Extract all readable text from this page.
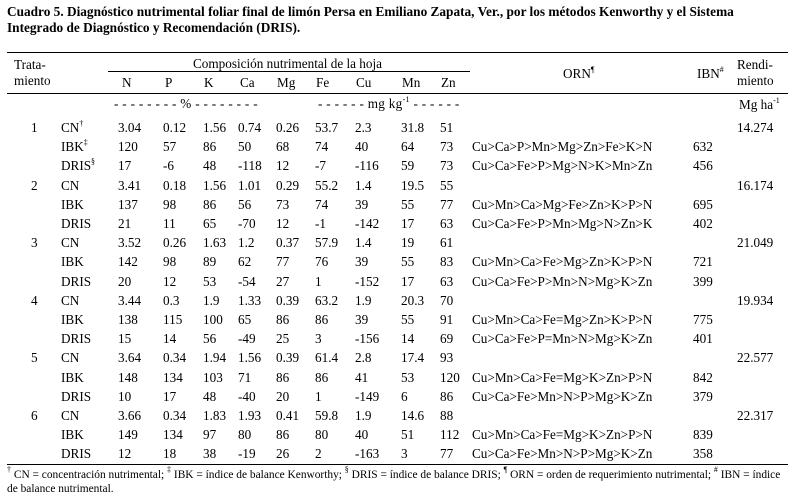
Cuadro 5. Diagnóstico nutrimental foliar final de limón Persa en Emiliano Zapata, Ver., por los métodos Kenworthy y el Sistema Integrado de Diagnóstico y Recomendación (DRIS).
Trata-
miento
Composición nutrimental de la hoja
ORN¶	IBN# Rendi-
miento
N	P K Ca Mg Fe Cu Mn Zn
- - - - - - - - % - - - - - - - -	- - - - - - mg $kg^{-1}$ - - - - - -	Mg $ha^{-1}$
1 CN†	3.04 0.12 1.56 0.74 0.26 53.7 2.3 31.8 51	14.274
IBK‡ 120 57 86 50 68 74 40 64 73 Cu>Ca>P>Mn>Mg>Zn>Fe>K>N	632
DRIS§ 17 -6 48 -118 12 -7 -116 59 73 Cu>Ca>Fe>P>Mg>N>K>Mn>Zn	456
2 CN	3.41 0.18 1.56 1.01 0.29 55.2 1.4 19.5 55	16.174
IBK	137 98 86 56 73 74 39 55 77 Cu>Mn>Ca>Mg>Fe>Zn>K>P>N	695
DRIS 21 11 65 -70 12 -1 -142 17 63 Cu>Ca>Fe>P>Mn>Mg>N>Zn>K	402
3 CN	3.52 0.26 1.63 1.2 0.37 57.9 1.4 19 61	21.049
IBK	142 98 89 62 77 76 39 55 83 Cu>Mn>Ca>Fe>Mg>Zn>K>P>N	721
DRIS 20 12 53 -54 27 1	-152 17 63 Cu>Ca>Fe>P>Mn>N>Mg>K>Zn	399
4 CN	3.44 0.3 1.9 1.33 0.39 63.2 1.9 20.3 70	19.934
IBK	138 115 100 65 86 86 39 55 91 Cu>Mn>Ca>Fe=Mg>Zn>K>P>N	775
DRIS 15 14 56 -49 25 3	-156 14 69 Cu>Ca>Fe>P=Mn>N>Mg>K>Zn	401
5 CN	3.64 0.34 1.94 1.56 0.39 61.4 2.8 17.4 93	22.577
IBK	148 134 103 71 86 86 41 53 120 Cu>Mn>Ca>Fe=Mg>K>Zn>P>N	842
DRIS 10 17 48 -40 20 1	-149 6 86 Cu>Ca>Fe>Mn>N>P>Mg>K>Zn	379
6 CN	3.66 0.34 1.83 1.93 0.41 59.8 1.9 14.6 88	22.317
IBK	149 134 97 80 86 80 40 51 112 Cu>Mn>Ca>Fe=Mg>K>Zn>P>N	839
DRIS 12 18 38 -19 26 2	-163 3 77 Cu>Ca>Fe>Mn>N>P>Mg>K>Zn	358
† CN = concentración nutrimental; ‡ IBK = índice de balance Kenworthy; § DRIS = índice de balance DRIS; ¶ ORN = orden de requerimiento nutrimental; # IBN = índice de balance nutrimental.
